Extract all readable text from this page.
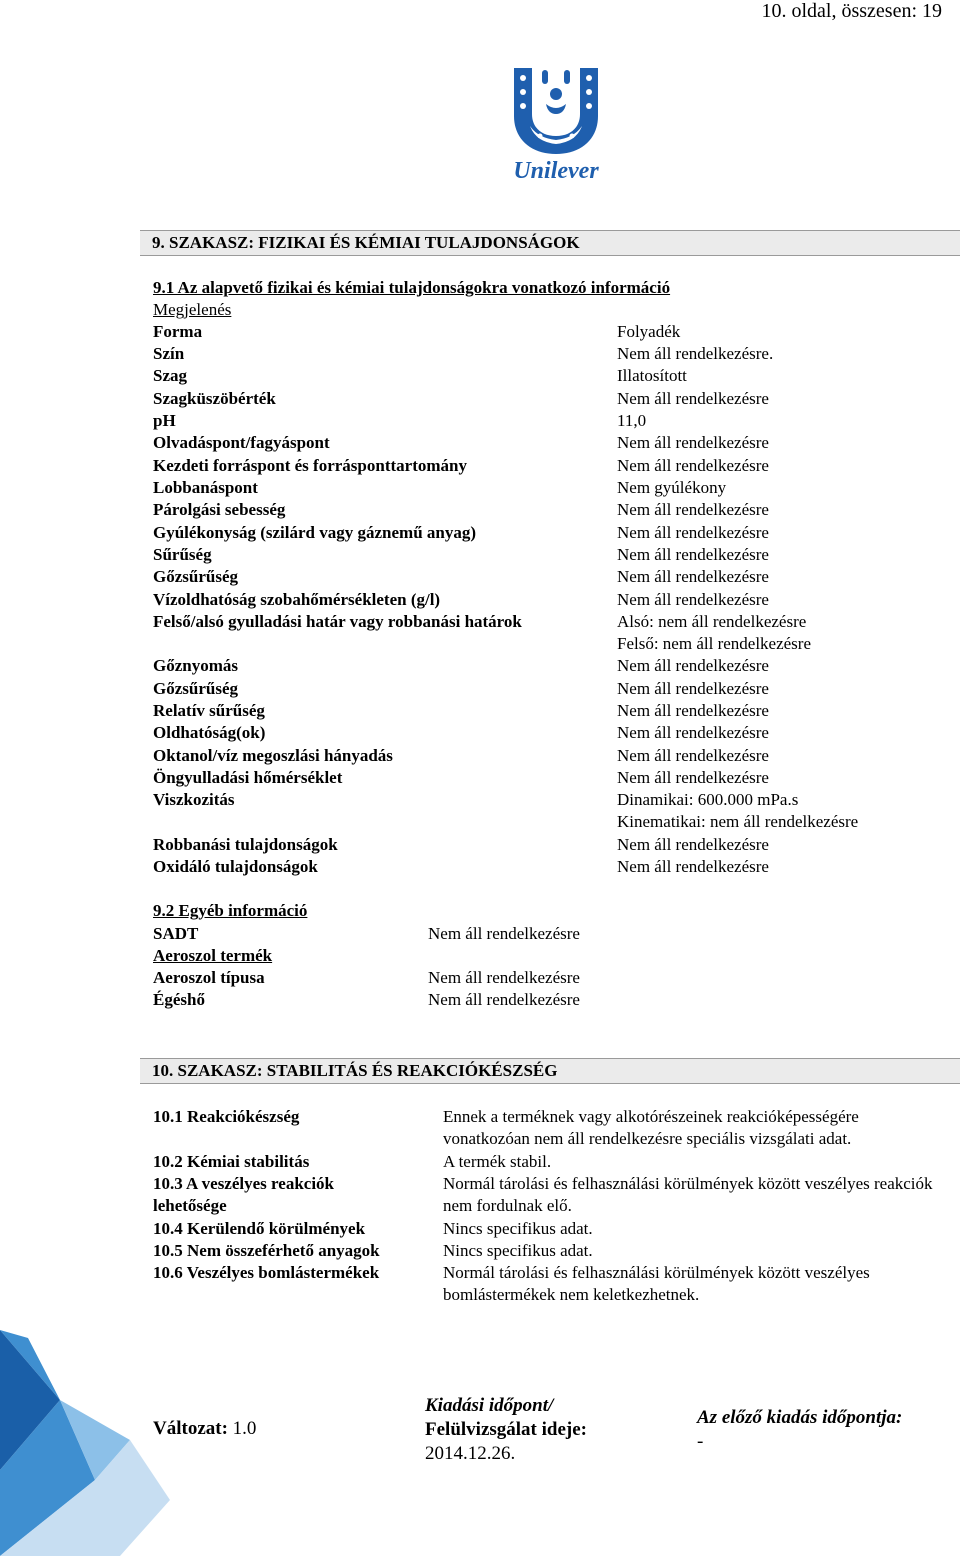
10. oldal, összesen: 19
Unilever
9. SZAKASZ: FIZIKAI ÉS KÉMIAI TULAJDONSÁGOK
9.1 Az alapvető fizikai és kémiai tulajdonságokra vonatkozó információ
Megjelenés
Forma	Folyadék
Szín	Nem áll rendelkezésre.
Szag	Illatosított
Szagküszöbérték	Nem áll rendelkezésre
pH	11,0
Olvadáspont/fagyáspont	Nem áll rendelkezésre
Kezdeti forráspont és forrásponttartomány	Nem áll rendelkezésre
Lobbanáspont	Nem gyúlékony
Párolgási sebesség	Nem áll rendelkezésre
Gyúlékonyság (szilárd vagy gáznemű anyag)	Nem áll rendelkezésre
Sűrűség	Nem áll rendelkezésre
Gőzsűrűség	Nem áll rendelkezésre
Vízoldhatóság szobahőmérsékleten (g/l)	Nem áll rendelkezésre
Felső/alsó gyulladási határ vagy robbanási határok	Alsó: nem áll rendelkezésre
Felső: nem áll rendelkezésre
Gőznyomás	Nem áll rendelkezésre
Gőzsűrűség	Nem áll rendelkezésre
Relatív sűrűség	Nem áll rendelkezésre
Oldhatóság(ok)	Nem áll rendelkezésre
Oktanol/víz megoszlási hányadás	Nem áll rendelkezésre
Öngyulladási hőmérséklet	Nem áll rendelkezésre
Viszkozitás	Dinamikai: 600.000 mPa.s
Kinematikai: nem áll rendelkezésre
Robbanási tulajdonságok	Nem áll rendelkezésre
Oxidáló tulajdonságok	Nem áll rendelkezésre
9.2 Egyéb információ
SADT	Nem áll rendelkezésre
Aeroszol termék
Aeroszol típusa	Nem áll rendelkezésre
Égéshő	Nem áll rendelkezésre
10. SZAKASZ: STABILITÁS ÉS REAKCIÓKÉSZSÉG
10.1 Reakciókészség	Ennek a terméknek vagy alkotórészeinek reakcióképességére vonatkozóan nem áll rendelkezésre speciális vizsgálati adat.
10.2 Kémiai stabilitás	A termék stabil.
10.3 A veszélyes reakciók lehetősége
Normál tárolási és felhasználási körülmények között veszélyes reakciók nem fordulnak elő.
10.4 Kerülendő körülmények	Nincs specifikus adat.
10.5 Nem összeférhető anyagok	Nincs specifikus adat.
10.6 Veszélyes bomlástermékek	Normál tárolási és felhasználási körülmények között veszélyes bomlástermékek nem keletkezhetnek.
Változat: 1.0
Kiadási időpont/
Felülvizsgálat ideje:
2014.12.26.
Az előző kiadás időpontja:
-
